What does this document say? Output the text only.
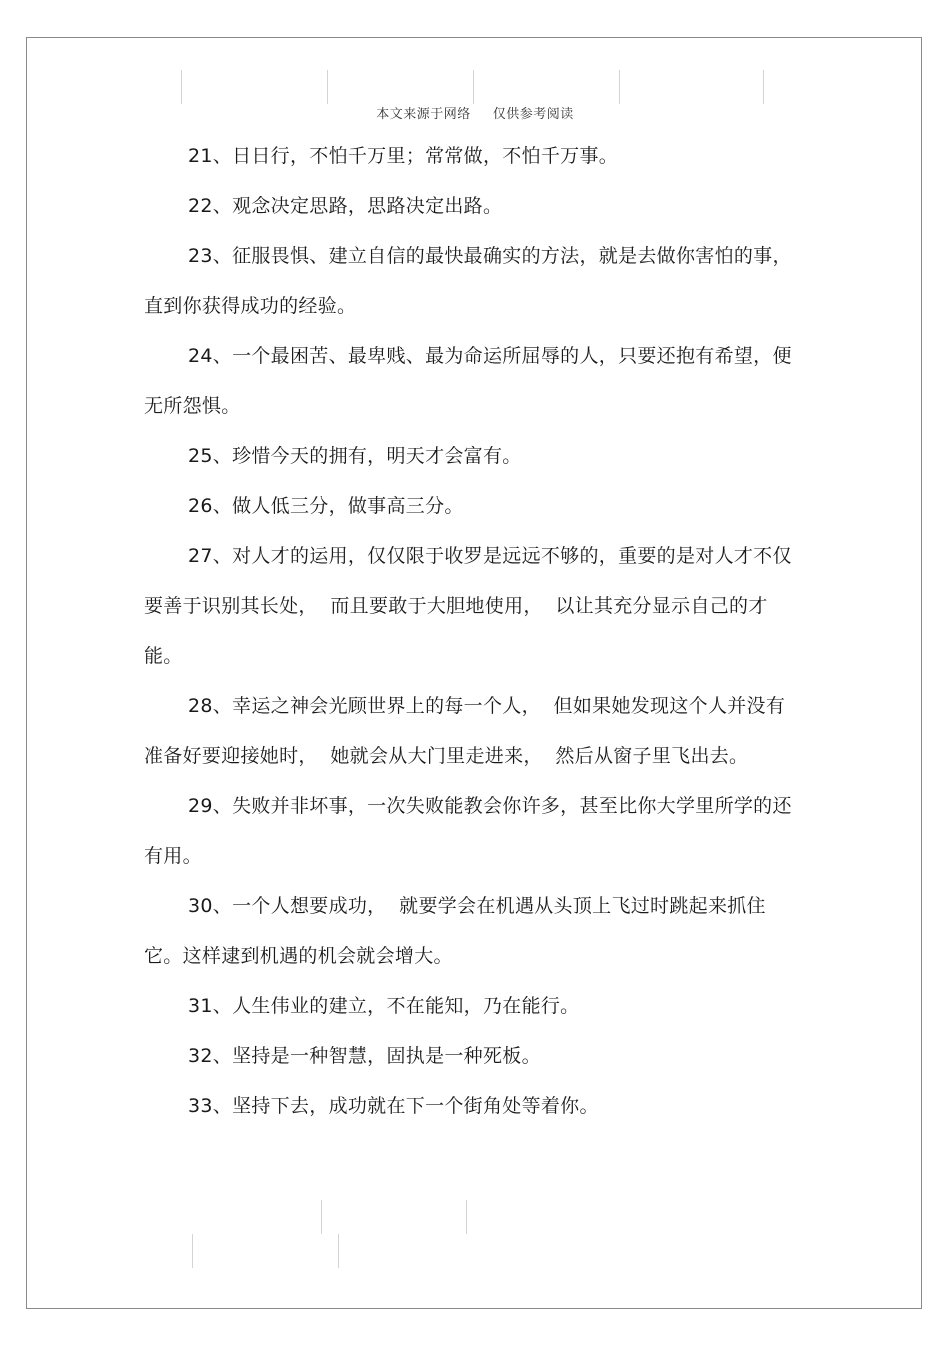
本文来源于网络 仅供参考阅读

21、日日行，不怕千万里；常常做，不怕千万事。

22、观念决定思路，思路决定出路。

23、征服畏惧、建立自信的最快最确实的方法，就是去做你害怕的事，直到你获得成功的经验。

24、一个最困苦、最卑贱、最为命运所屈辱的人，只要还抱有希望，便无所怨惧。

25、珍惜今天的拥有，明天才会富有。

26、做人低三分，做事高三分。

27、对人才的运用，仅仅限于收罗是远远不够的，重要的是对人才不仅要善于识别其长处，  而且要敢于大胆地使用，  以让其充分显示自己的才能。

28、幸运之神会光顾世界上的每一个人，  但如果她发现这个人并没有准备好要迎接她时，  她就会从大门里走进来，  然后从窗子里飞出去。

29、失败并非坏事，一次失败能教会你许多，甚至比你大学里所学的还有用。

30、一个人想要成功，  就要学会在机遇从头顶上飞过时跳起来抓住它。这样逮到机遇的机会就会增大。

31、人生伟业的建立，不在能知，乃在能行。

32、坚持是一种智慧，固执是一种死板。

33、坚持下去，成功就在下一个街角处等着你。
